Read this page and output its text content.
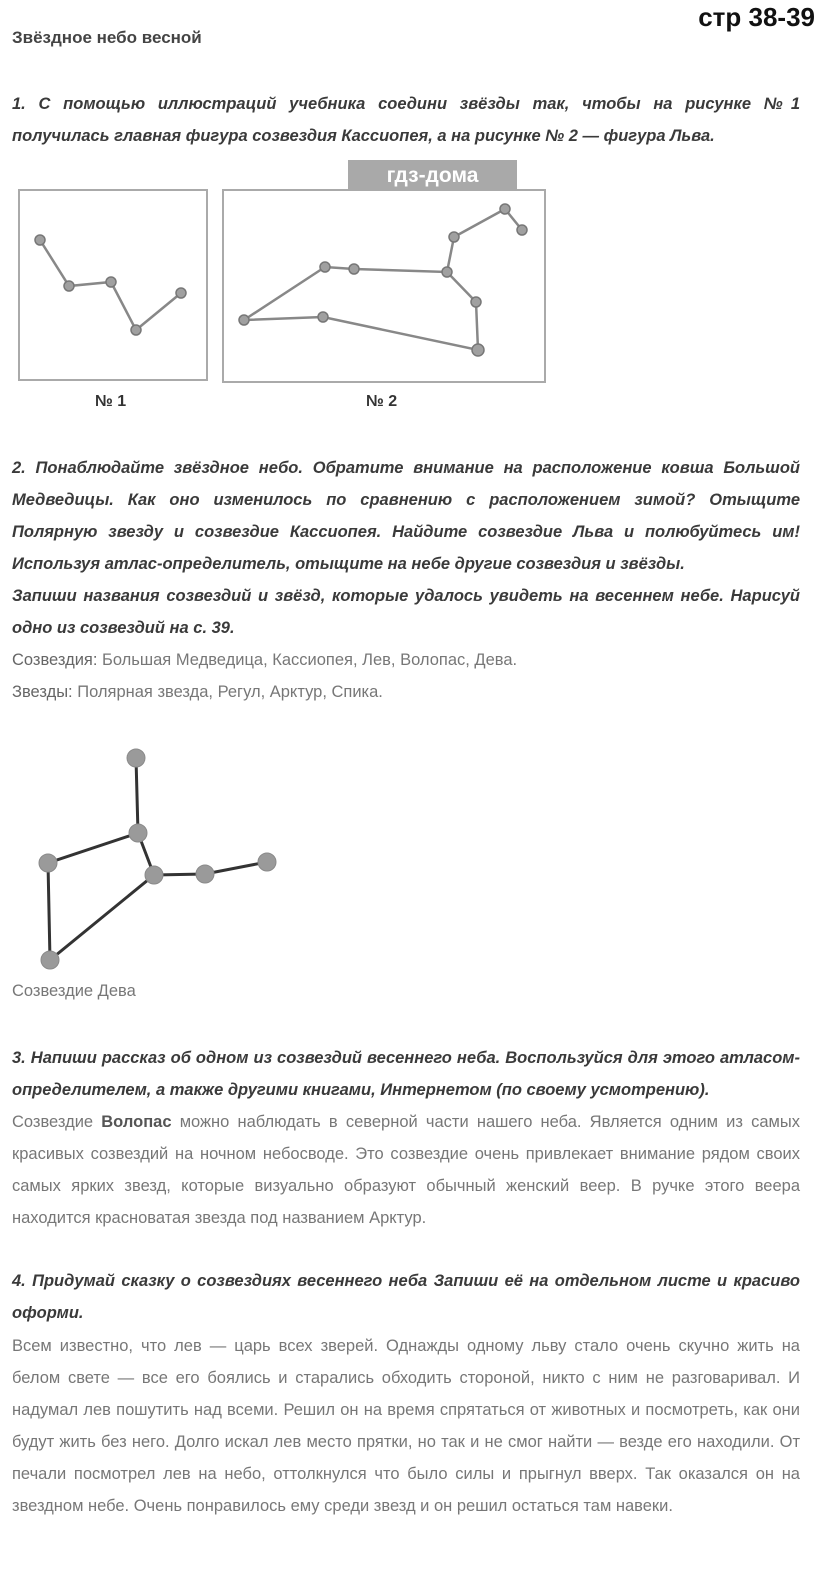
стр 38-39
Звёздное небо весной
1. С помощью иллюстраций учебника соедини звёзды так, чтобы на рисунке №1 получилась главная фигура созвездия Кассиопея, а на рисунке № 2 — фигура Льва.
гдз-дома
№ 1	№ 2
2. Понаблюдайте звёздное небо. Обратите внимание на расположение ковша Большой Медведицы. Как оно изменилось по сравнению с расположением зимой? Отыщите Полярную звезду и созвездие Кассиопея. Найдите созвездие Льва и полюбуйтесь им! Используя атлас-определитель, отыщите на небе другие созвездия и звёзды.
Запиши названия созвездий и звёзд, которые удалось увидеть на весеннем небе. Нарисуй одно из созвездий на с. 39.
Созвездия: Большая Медведица, Кассиопея, Лев, Волопас, Дева.
Звезды: Полярная звезда, Регул, Арктур, Спика.
Созвездие Дева
3. Напиши рассказ об одном из созвездий весеннего неба. Воспользуйся для этого атласом-определителем, а также другими книгами, Интернетом (по своему усмотрению).
Созвездие Волопас можно наблюдать в северной части нашего неба. Является одним из самых красивых созвездий на ночном небосводе. Это созвездие очень привлекает внимание рядом своих самых ярких звезд, которые визуально образуют обычный женский веер. В ручке этого веера находится красноватая звезда под названием Арктур.
4. Придумай сказку о созвездиях весеннего неба Запиши её на отдельном листе и красиво оформи.
Всем известно, что лев — царь всех зверей. Однажды одному льву стало очень скучно жить на белом свете — все его боялись и старались обходить стороной, никто с ним не разговаривал. И надумал лев пошутить над всеми. Решил он на время спрятаться от животных и посмотреть, как они будут жить без него. Долго искал лев место прятки, но так и не смог найти — везде его находили. От печали посмотрел лев на небо, оттолкнулся что было силы и прыгнул вверх. Так оказался он на звездном небе. Очень понравилось ему среди звезд и он решил остаться там навеки.
